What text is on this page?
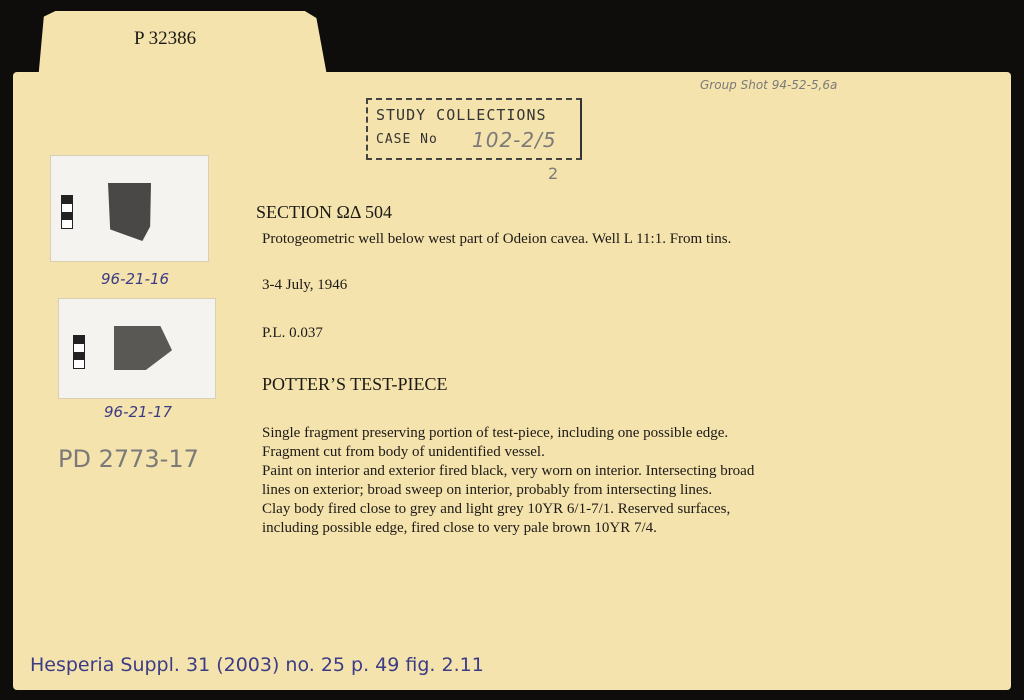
P 32386
Group Shot 94-52-5,6a
STUDY COLLECTIONS
CASE No 102-2/5
2
96-21-16
96-21-17
PD 2773-17
SECTION ΩΔ 504
Protogeometric well below west part of Odeion cavea. Well L 11:1. From tins.
3-4 July, 1946
P.L. 0.037
POTTER’S TEST-PIECE

Single fragment preserving portion of test-piece, including one possible edge.

Fragment cut from body of unidentified vessel.

Paint on interior and exterior fired black, very worn on interior. Intersecting broad

lines on exterior; broad sweep on interior, probably from intersecting lines.

Clay body fired close to grey and light grey 10YR 6/1-7/1. Reserved surfaces,

including possible edge, fired close to very pale brown 10YR 7/4.

Hesperia Suppl. 31 (2003) no. 25 p. 49 fig. 2.11
